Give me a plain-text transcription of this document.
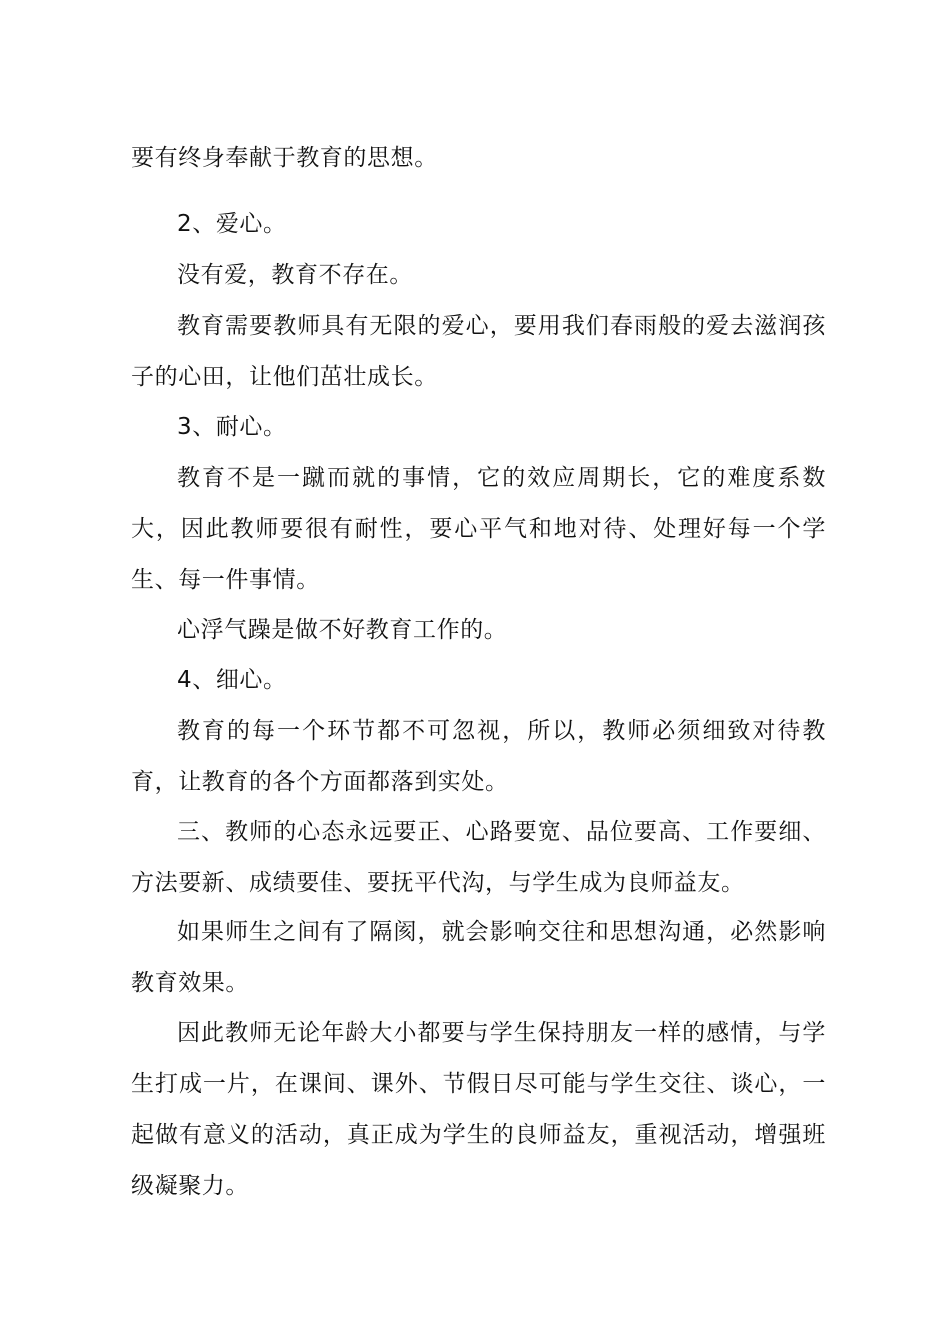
要有终身奉献于教育的思想。

2、爱心。

没有爱，教育不存在。

教育需要教师具有无限的爱心，要用我们春雨般的爱去滋润孩子的心田，让他们茁壮成长。

3、耐心。

教育不是一蹴而就的事情，它的效应周期长，它的难度系数大，因此教师要很有耐性，要心平气和地对待、处理好每一个学生、每一件事情。

心浮气躁是做不好教育工作的。

4、细心。

教育的每一个环节都不可忽视，所以，教师必须细致对待教育，让教育的各个方面都落到实处。

三、教师的心态永远要正、心路要宽、品位要高、工作要细、方法要新、成绩要佳、要抚平代沟，与学生成为良师益友。

如果师生之间有了隔阂，就会影响交往和思想沟通，必然影响教育效果。

因此教师无论年龄大小都要与学生保持朋友一样的感情，与学生打成一片，在课间、课外、节假日尽可能与学生交往、谈心，一起做有意义的活动，真正成为学生的良师益友，重视活动，增强班级凝聚力。
